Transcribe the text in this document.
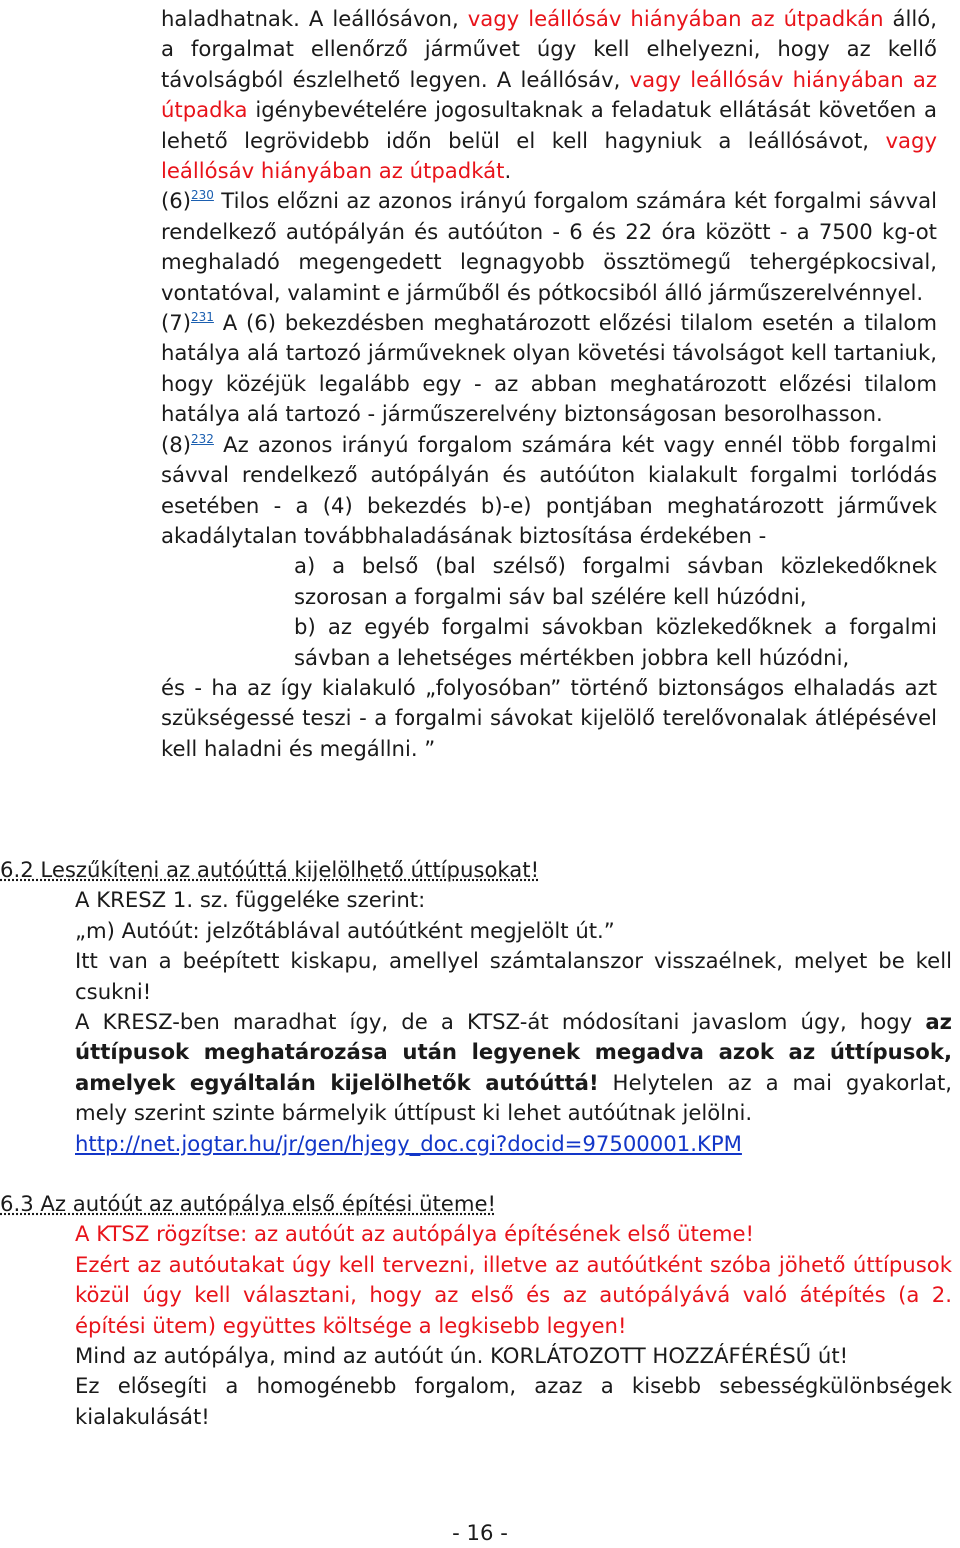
haladhatnak. A leállósávon, vagy leállósáv hiányában az útpadkán álló, a forgalmat ellenőrző járművet úgy kell elhelyezni, hogy az kellő távolságból észlelhető legyen. A leállósáv, vagy leállósáv hiányában az útpadka igénybevételére jogosultaknak a feladatuk ellátását követően a lehető legrövidebb időn belül el kell hagyniuk a leállósávot, vagy leállósáv hiányában az útpadkát.

(6)$^{230}$ Tilos előzni az azonos irányú forgalom számára két forgalmi sávval rendelkező autópályán és autóúton - 6 és 22 óra között - a 7500 kg-ot meghaladó megengedett legnagyobb össztömegű tehergépkocsival, vontatóval, valamint e járműből és pótkocsiból álló járműszerelvénnyel.

(7)$^{231}$ A (6) bekezdésben meghatározott előzési tilalom esetén a tilalom hatálya alá tartozó járműveknek olyan követési távolságot kell tartaniuk, hogy közéjük legalább egy - az abban meghatározott előzési tilalom hatálya alá tartozó - járműszerelvény biztonságosan besorolhasson.

(8)$^{232}$ Az azonos irányú forgalom számára két vagy ennél több forgalmi sávval rendelkező autópályán és autóúton kialakult forgalmi torlódás esetében - a (4) bekezdés b)-e) pontjában meghatározott járművek akadálytalan továbbhaladásának biztosítása érdekében -

a) a belső (bal szélső) forgalmi sávban közlekedőknek szorosan a forgalmi sáv bal szélére kell húzódni,

b) az egyéb forgalmi sávokban közlekedőknek a forgalmi sávban a lehetséges mértékben jobbra kell húzódni,

és - ha az így kialakuló „folyosóban” történő biztonságos elhaladás azt szükségessé teszi - a forgalmi sávokat kijelölő terelővonalak átlépésével kell haladni és megállni. ”

6.2 Leszűkíteni az autóúttá kijelölhető úttípusokat!

A KRESZ 1. sz. függeléke szerint:

„m) Autóút: jelzőtáblával autóútként megjelölt út.”

Itt van a beépített kiskapu, amellyel számtalanszor visszaélnek, melyet be kell csukni!

A KRESZ-ben maradhat így, de a KTSZ-át módosítani javaslom úgy, hogy az úttípusok meghatározása után legyenek megadva azok az úttípusok, amelyek egyáltalán kijelölhetők autóúttá! Helytelen az a mai gyakorlat, mely szerint szinte bármelyik úttípust ki lehet autóútnak jelölni.

http://net.jogtar.hu/jr/gen/hjegy_doc.cgi?docid=97500001.KPM

6.3 Az autóút az autópálya első építési üteme!

A KTSZ rögzítse: az autóút az autópálya építésének első üteme!

Ezért az autóutakat úgy kell tervezni, illetve az autóútként szóba jöhető úttípusok közül úgy kell választani, hogy az első és az autópályává való átépítés (a 2. építési ütem) együttes költsége a legkisebb legyen!

Mind az autópálya, mind az autóút ún. KORLÁTOZOTT HOZZÁFÉRÉSŰ út!

Ez elősegíti a homogénebb forgalom, azaz a kisebb sebességkülönbségek kialakulását!

- 16 -
